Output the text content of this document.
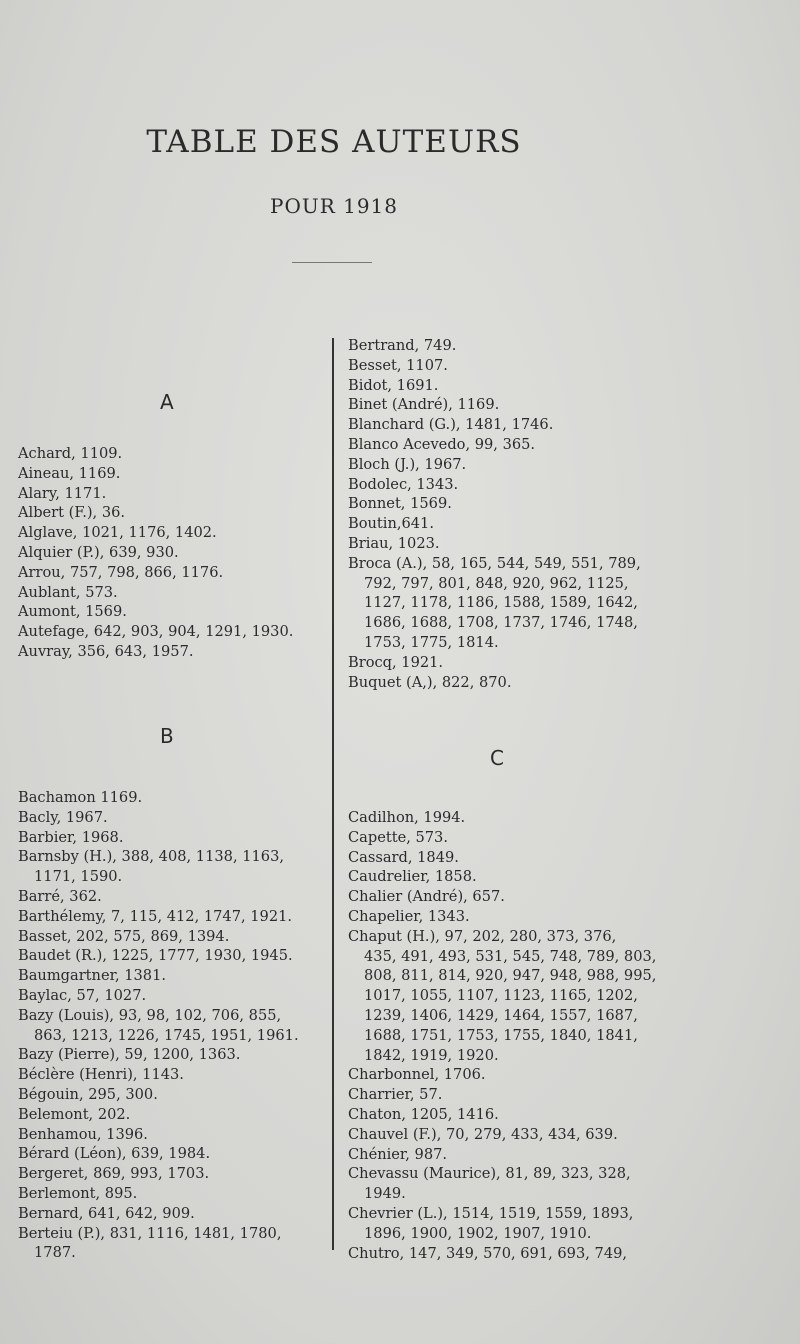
TABLE DES AUTEURS
POUR 1918
A
Achard, 1109.
Aineau, 1169.
Alary, 1171.
Albert (F.), 36.
Alglave, 1021, 1176, 1402.
Alquier (P.), 639, 930.
Arrou, 757, 798, 866, 1176.
Aublant, 573.
Aumont, 1569.
Autefage, 642, 903, 904, 1291, 1930.
Auvray, 356, 643, 1957.
B
Bachamon 1169.
Bacly, 1967.
Barbier, 1968.
Barnsby (H.), 388, 408, 1138, 1163,
1171, 1590.
Barré, 362.
Barthélemy, 7, 115, 412, 1747, 1921.
Basset, 202, 575, 869, 1394.
Baudet (R.), 1225, 1777, 1930, 1945.
Baumgartner, 1381.
Baylac, 57, 1027.
Bazy (Louis), 93, 98, 102, 706, 855,
863, 1213, 1226, 1745, 1951, 1961.
Bazy (Pierre), 59, 1200, 1363.
Béclère (Henri), 1143.
Bégouin, 295, 300.
Belemont, 202.
Benhamou, 1396.
Bérard (Léon), 639, 1984.
Bergeret, 869, 993, 1703.
Berlemont, 895.
Bernard, 641, 642, 909.
Berteiu (P.), 831, 1116, 1481, 1780,
1787.
Bertrand, 749.
Besset, 1107.
Bidot, 1691.
Binet (André), 1169.
Blanchard (G.), 1481, 1746.
Blanco Acevedo, 99, 365.
Bloch (J.), 1967.
Bodolec, 1343.
Bonnet, 1569.
Boutin,641.
Briau, 1023.
Broca (A.), 58, 165, 544, 549, 551, 789,
792, 797, 801, 848, 920, 962, 1125,
1127, 1178, 1186, 1588, 1589, 1642,
1686, 1688, 1708, 1737, 1746, 1748,
1753, 1775, 1814.
Brocq, 1921.
Buquet (A,), 822, 870.
C
Cadilhon, 1994.
Capette, 573.
Cassard, 1849.
Caudrelier, 1858.
Chalier (André), 657.
Chapelier, 1343.
Chaput (H.), 97, 202, 280, 373, 376,
435, 491, 493, 531, 545, 748, 789, 803,
808, 811, 814, 920, 947, 948, 988, 995,
1017, 1055, 1107, 1123, 1165, 1202,
1239, 1406, 1429, 1464, 1557, 1687,
1688, 1751, 1753, 1755, 1840, 1841,
1842, 1919, 1920.
Charbonnel, 1706.
Charrier, 57.
Chaton, 1205, 1416.
Chauvel (F.), 70, 279, 433, 434, 639.
Chénier, 987.
Chevassu (Maurice), 81, 89, 323, 328,
1949.
Chevrier (L.), 1514, 1519, 1559, 1893,
1896, 1900, 1902, 1907, 1910.
Chutro, 147, 349, 570, 691, 693, 749,
